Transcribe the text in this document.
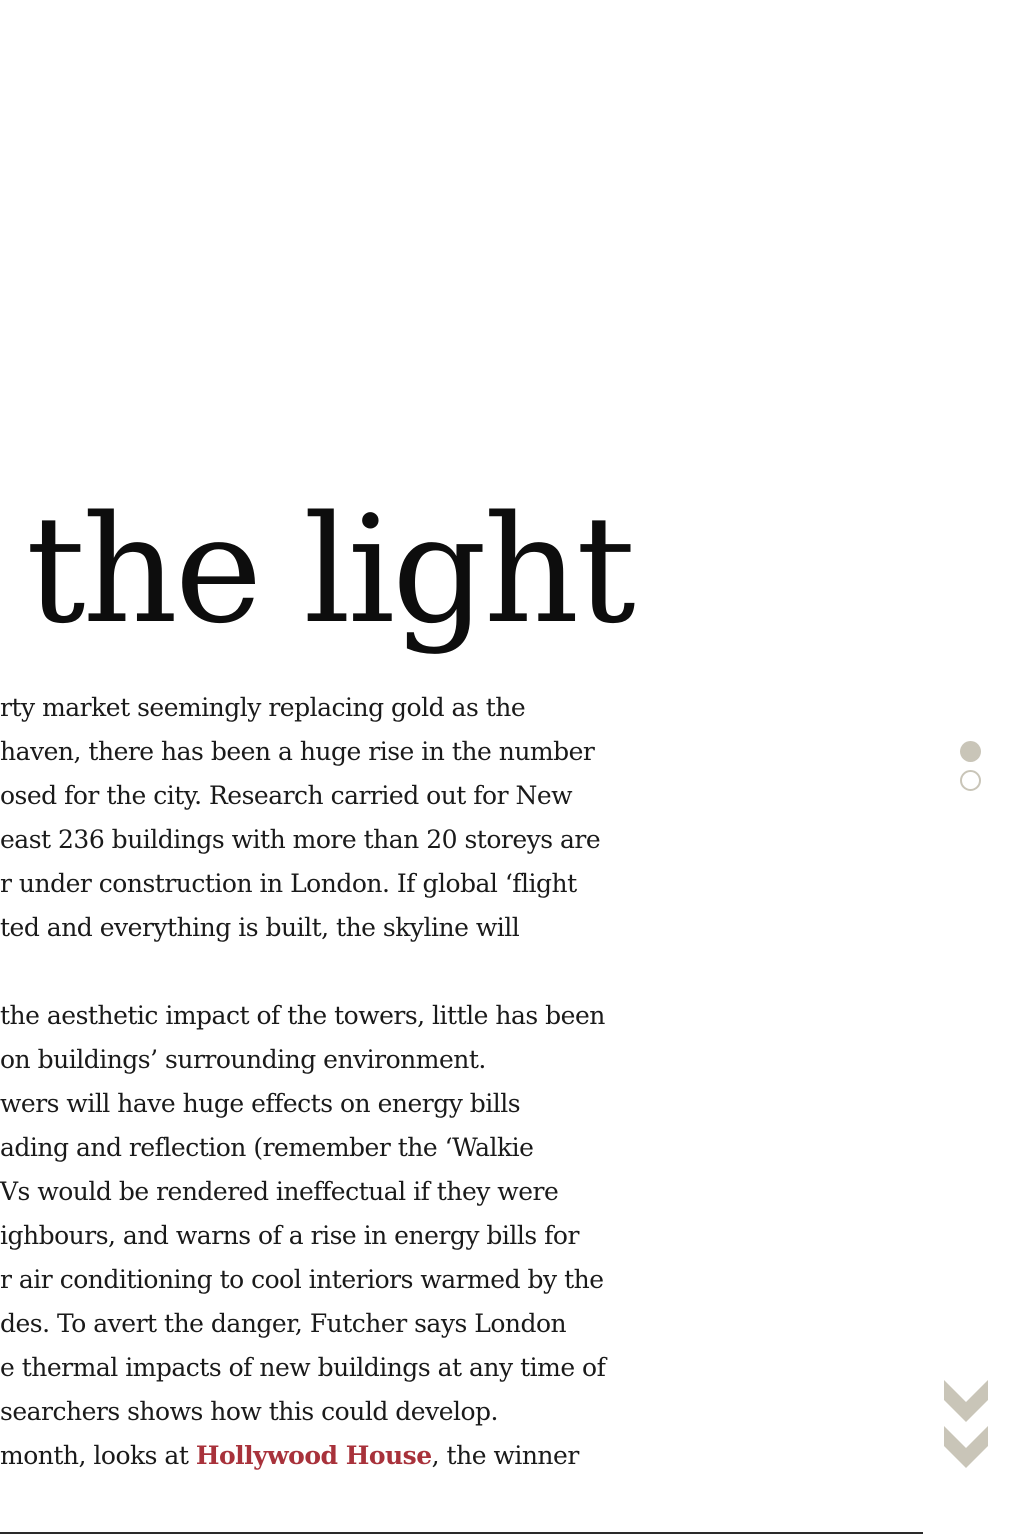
the light
rty market seemingly replacing gold as the
haven, there has been a huge rise in the number
osed for the city. Research carried out for New
east 236 buildings with more than 20 storeys are
r under construction in London. If global ‘flight
ted and everything is built, the skyline will
the aesthetic impact of the towers, little has been
on buildings’ surrounding environment.
wers will have huge effects on energy bills
ading and reflection (remember the ‘Walkie
Vs would be rendered ineffectual if they were
ighbours, and warns of a rise in energy bills for
r air conditioning to cool interiors warmed by the
des. To avert the danger, Futcher says London
e thermal impacts of new buildings at any time of
searchers shows how this could develop.
month, looks at Hollywood House, the winner
